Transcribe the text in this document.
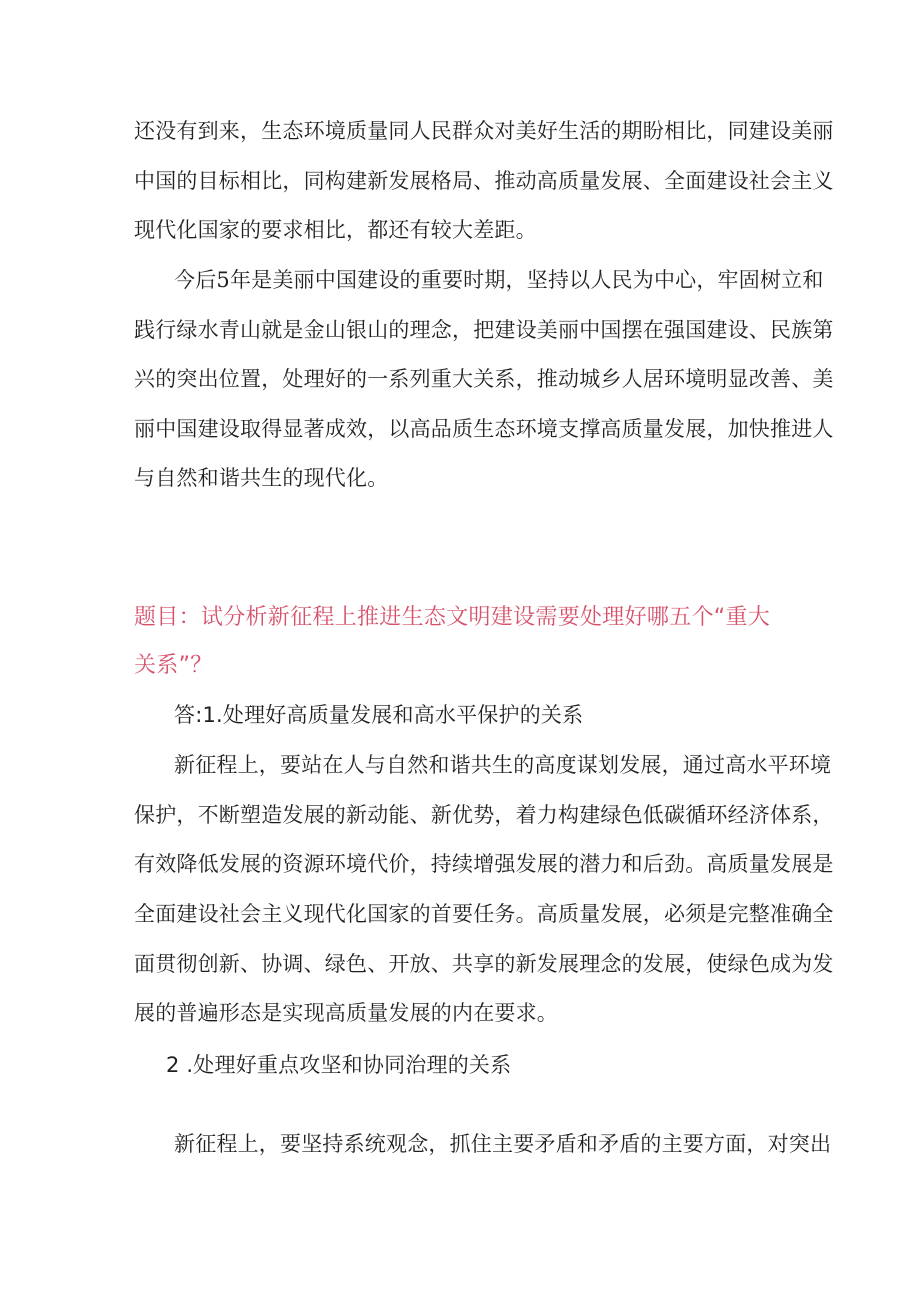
还没有到来，生态环境质量同人民群众对美好生活的期盼相比，同建设美丽
中国的目标相比，同构建新发展格局、推动高质量发展、全面建设社会主义
现代化国家的要求相比，都还有较大差距。
今后5年是美丽中国建设的重要时期，坚持以人民为中心，牢固树立和
践行绿水青山就是金山银山的理念，把建设美丽中国摆在强国建设、民族第
兴的突出位置，处理好的一系列重大关系，推动城乡人居环境明显改善、美
丽中国建设取得显著成效，以高品质生态环境支撑高质量发展，加快推进人
与自然和谐共生的现代化。
题目：试分析新征程上推进生态文明建设需要处理好哪五个“重大
关系”？
答:1.处理好高质量发展和高水平保护的关系
新征程上，要站在人与自然和谐共生的高度谋划发展，通过高水平环境
保护，不断塑造发展的新动能、新优势，着力构建绿色低碳循环经济体系，
有效降低发展的资源环境代价，持续增强发展的潜力和后劲。高质量发展是
全面建设社会主义现代化国家的首要任务。高质量发展，必须是完整准确全
面贯彻创新、协调、绿色、开放、共享的新发展理念的发展，使绿色成为发
展的普遍形态是实现高质量发展的内在要求。
2 .处理好重点攻坚和协同治理的关系
新征程上，要坚持系统观念，抓住主要矛盾和矛盾的主要方面，对突出
